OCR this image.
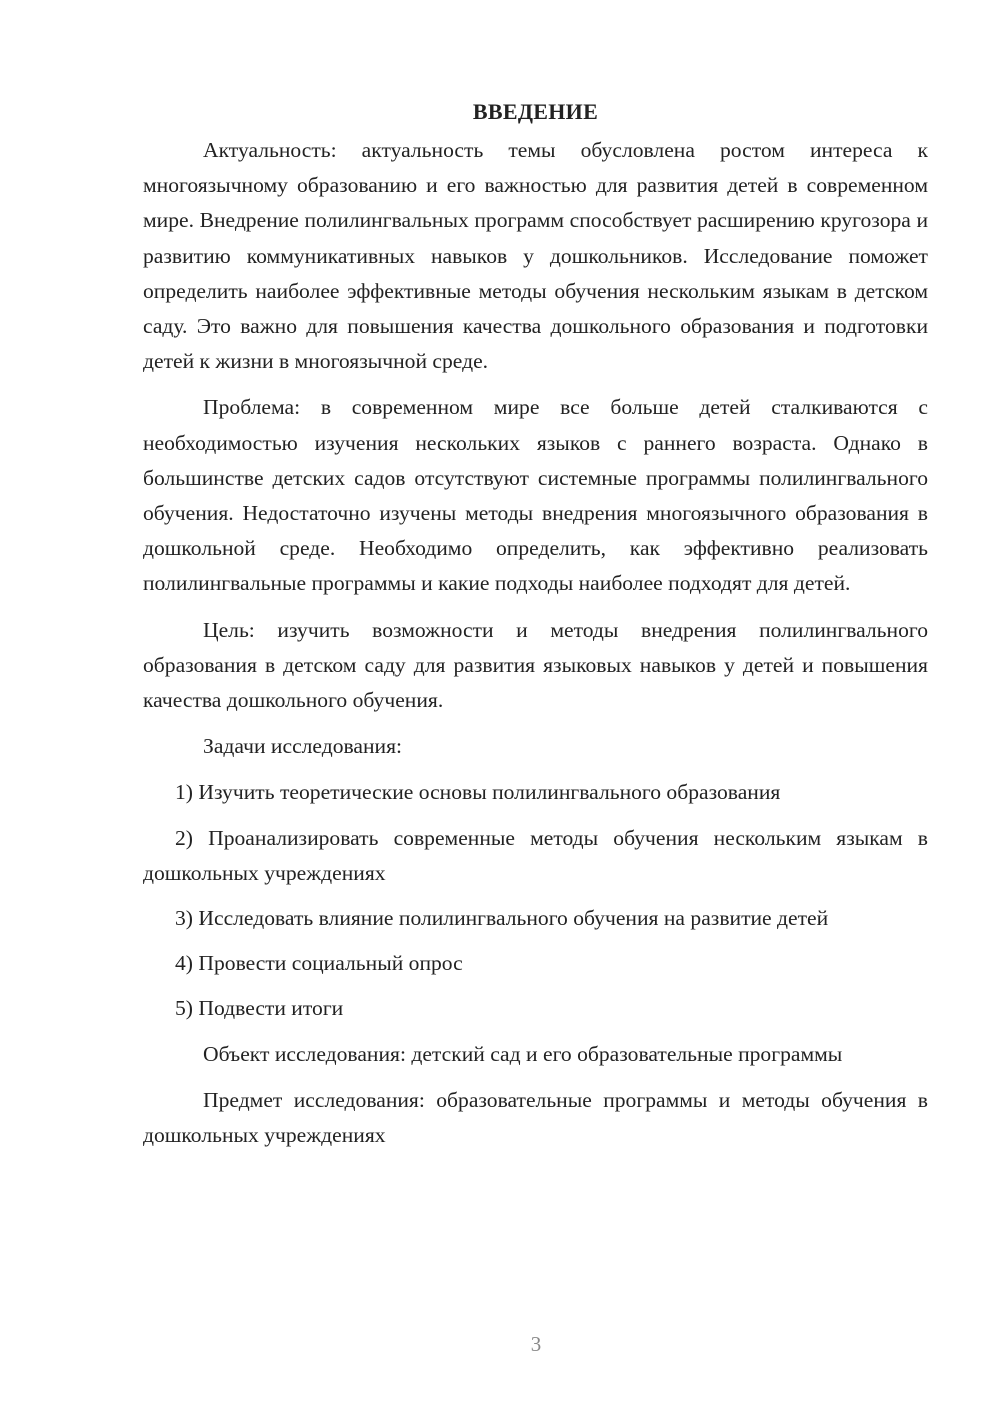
ВВЕДЕНИЕ

Актуальность: актуальность темы обусловлена ростом интереса к многоязычному образованию и его важностью для развития детей в современном мире. Внедрение полилингвальных программ способствует расширению кругозора и развитию коммуникативных навыков у дошкольников. Исследование поможет определить наиболее эффективные методы обучения нескольким языкам в детском саду. Это важно для повышения качества дошкольного образования и подготовки детей к жизни в многоязычной среде.

Проблема: в современном мире все больше детей сталкиваются с необходимостью изучения нескольких языков с раннего возраста. Однако в большинстве детских садов отсутствуют системные программы полилингвального обучения. Недостаточно изучены методы внедрения многоязычного образования в дошкольной среде. Необходимо определить, как эффективно реализовать полилингвальные программы и какие подходы наиболее подходят для детей.

Цель: изучить возможности и методы внедрения полилингвального образования в детском саду для развития языковых навыков у детей и повышения качества дошкольного обучения.

Задачи исследования:

1) Изучить теоретические основы полилингвального образования

2) Проанализировать современные методы обучения нескольким языкам в дошкольных учреждениях

3) Исследовать влияние полилингвального обучения на развитие детей

4) Провести социальный опрос

5) Подвести итоги

Объект исследования: детский сад и его образовательные программы

Предмет исследования: образовательные программы и методы обучения в дошкольных учреждениях

3
